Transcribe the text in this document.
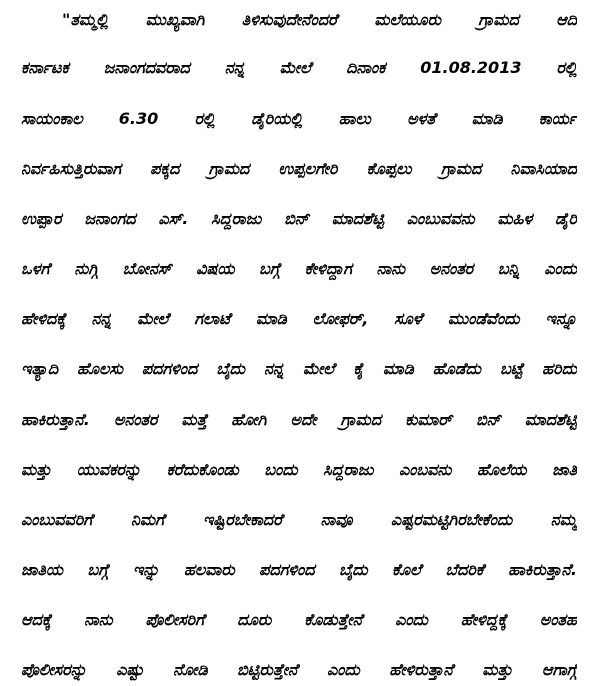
"ತಮ್ಮಲ್ಲಿ ಮುಖ್ಯವಾಗಿ ತಿಳಿಸುವುದೇನೆಂದರೆ ಮಲೆಯೂರು ಗ್ರಾಮದ ಆದಿ
ಕರ್ನಾಟಕ ಜನಾಂಗದವರಾದ ನನ್ನ ಮೇಲೆ ದಿನಾಂಕ 01.08.2013 ರಲ್ಲಿ
ಸಾಯಂಕಾಲ 6.30 ರಲ್ಲಿ ಡೈರಿಯಲ್ಲಿ ಹಾಲು ಅಳತೆ ಮಾಡಿ ಕಾರ್ಯ
ನಿರ್ವಹಿಸುತ್ತಿರುವಾಗ ಪಕ್ಕದ ಗ್ರಾಮದ ಉಪ್ಪಲಗೇರಿ ಕೊಪ್ಪಲು ಗ್ರಾಮದ ನಿವಾಸಿಯಾದ
ಉಪ್ಪಾರ ಜನಾಂಗದ ಎಸ್. ಸಿದ್ದರಾಜು ಬಿನ್ ಮಾದಶೆಟ್ಟಿ ಎಂಬುವವನು ಮಹಿಳ ಡೈರಿ
ಒಳಗೆ ನುಗ್ಗಿ ಬೋನಸ್ ವಿಷಯ ಬಗ್ಗೆ ಕೇಳಿದ್ದಾಗ ನಾನು ಅನಂತರ ಬನ್ನಿ ಎಂದು
ಹೇಳಿದಕ್ಕೆ ನನ್ನ ಮೇಲೆ ಗಲಾಟೆ ಮಾಡಿ ಲೋಫರ್, ಸೂಳೆ ಮುಂಡೆವೆಂದು ಇನ್ನೂ
ಇತ್ಯಾದಿ ಹೊಲಸು ಪದಗಳಿಂದ ಬೈದು ನನ್ನ ಮೇಲೆ ಕೈ ಮಾಡಿ ಹೊಡೆದು ಬಟ್ಟೆ ಹರಿದು
ಹಾಕಿರುತ್ತಾನೆ. ಅನಂತರ ಮತ್ತೆ ಹೋಗಿ ಅದೇ ಗ್ರಾಮದ ಕುಮಾರ್ ಬಿನ್ ಮಾದಶೆಟ್ಟಿ
ಮತ್ತು ಯುವಕರನ್ನು ಕರೆದುಕೊಂಡು ಬಂದು ಸಿದ್ದರಾಜು ಎಂಬವನು ಹೊಲೆಯ ಜಾತಿ
ಎಂಬುವವರಿಗೆ ನಿಮಗೆ ಇಷ್ಟಿರಬೇಕಾದರೆ ನಾವೂ ಎಷ್ಟರಮಟ್ಟಿಗಿರಬೇಕೆಂದು ನಮ್ಮ
ಜಾತಿಯ ಬಗ್ಗೆ ಇನ್ನು ಹಲವಾರು ಪದಗಳಿಂದ ಬೈದು ಕೊಲೆ ಬೆದರಿಕೆ ಹಾಕಿರುತ್ತಾನೆ.
ಆದಕ್ಕೆ ನಾನು ಪೊಲೀಸರಿಗೆ ದೂರು ಕೊಡುತ್ತೇನೆ ಎಂದು ಹೇಳಿದ್ದಕ್ಕೆ ಅಂತಹ
ಪೊಲೀಸರನ್ನು ಎಷ್ಟು ನೋಡಿ ಬಿಟ್ಟಿರುತ್ತೇನೆ ಎಂದು ಹೇಳಿರುತ್ತಾನೆ ಮತ್ತು ಆಗಾಗ್ಗೆ
